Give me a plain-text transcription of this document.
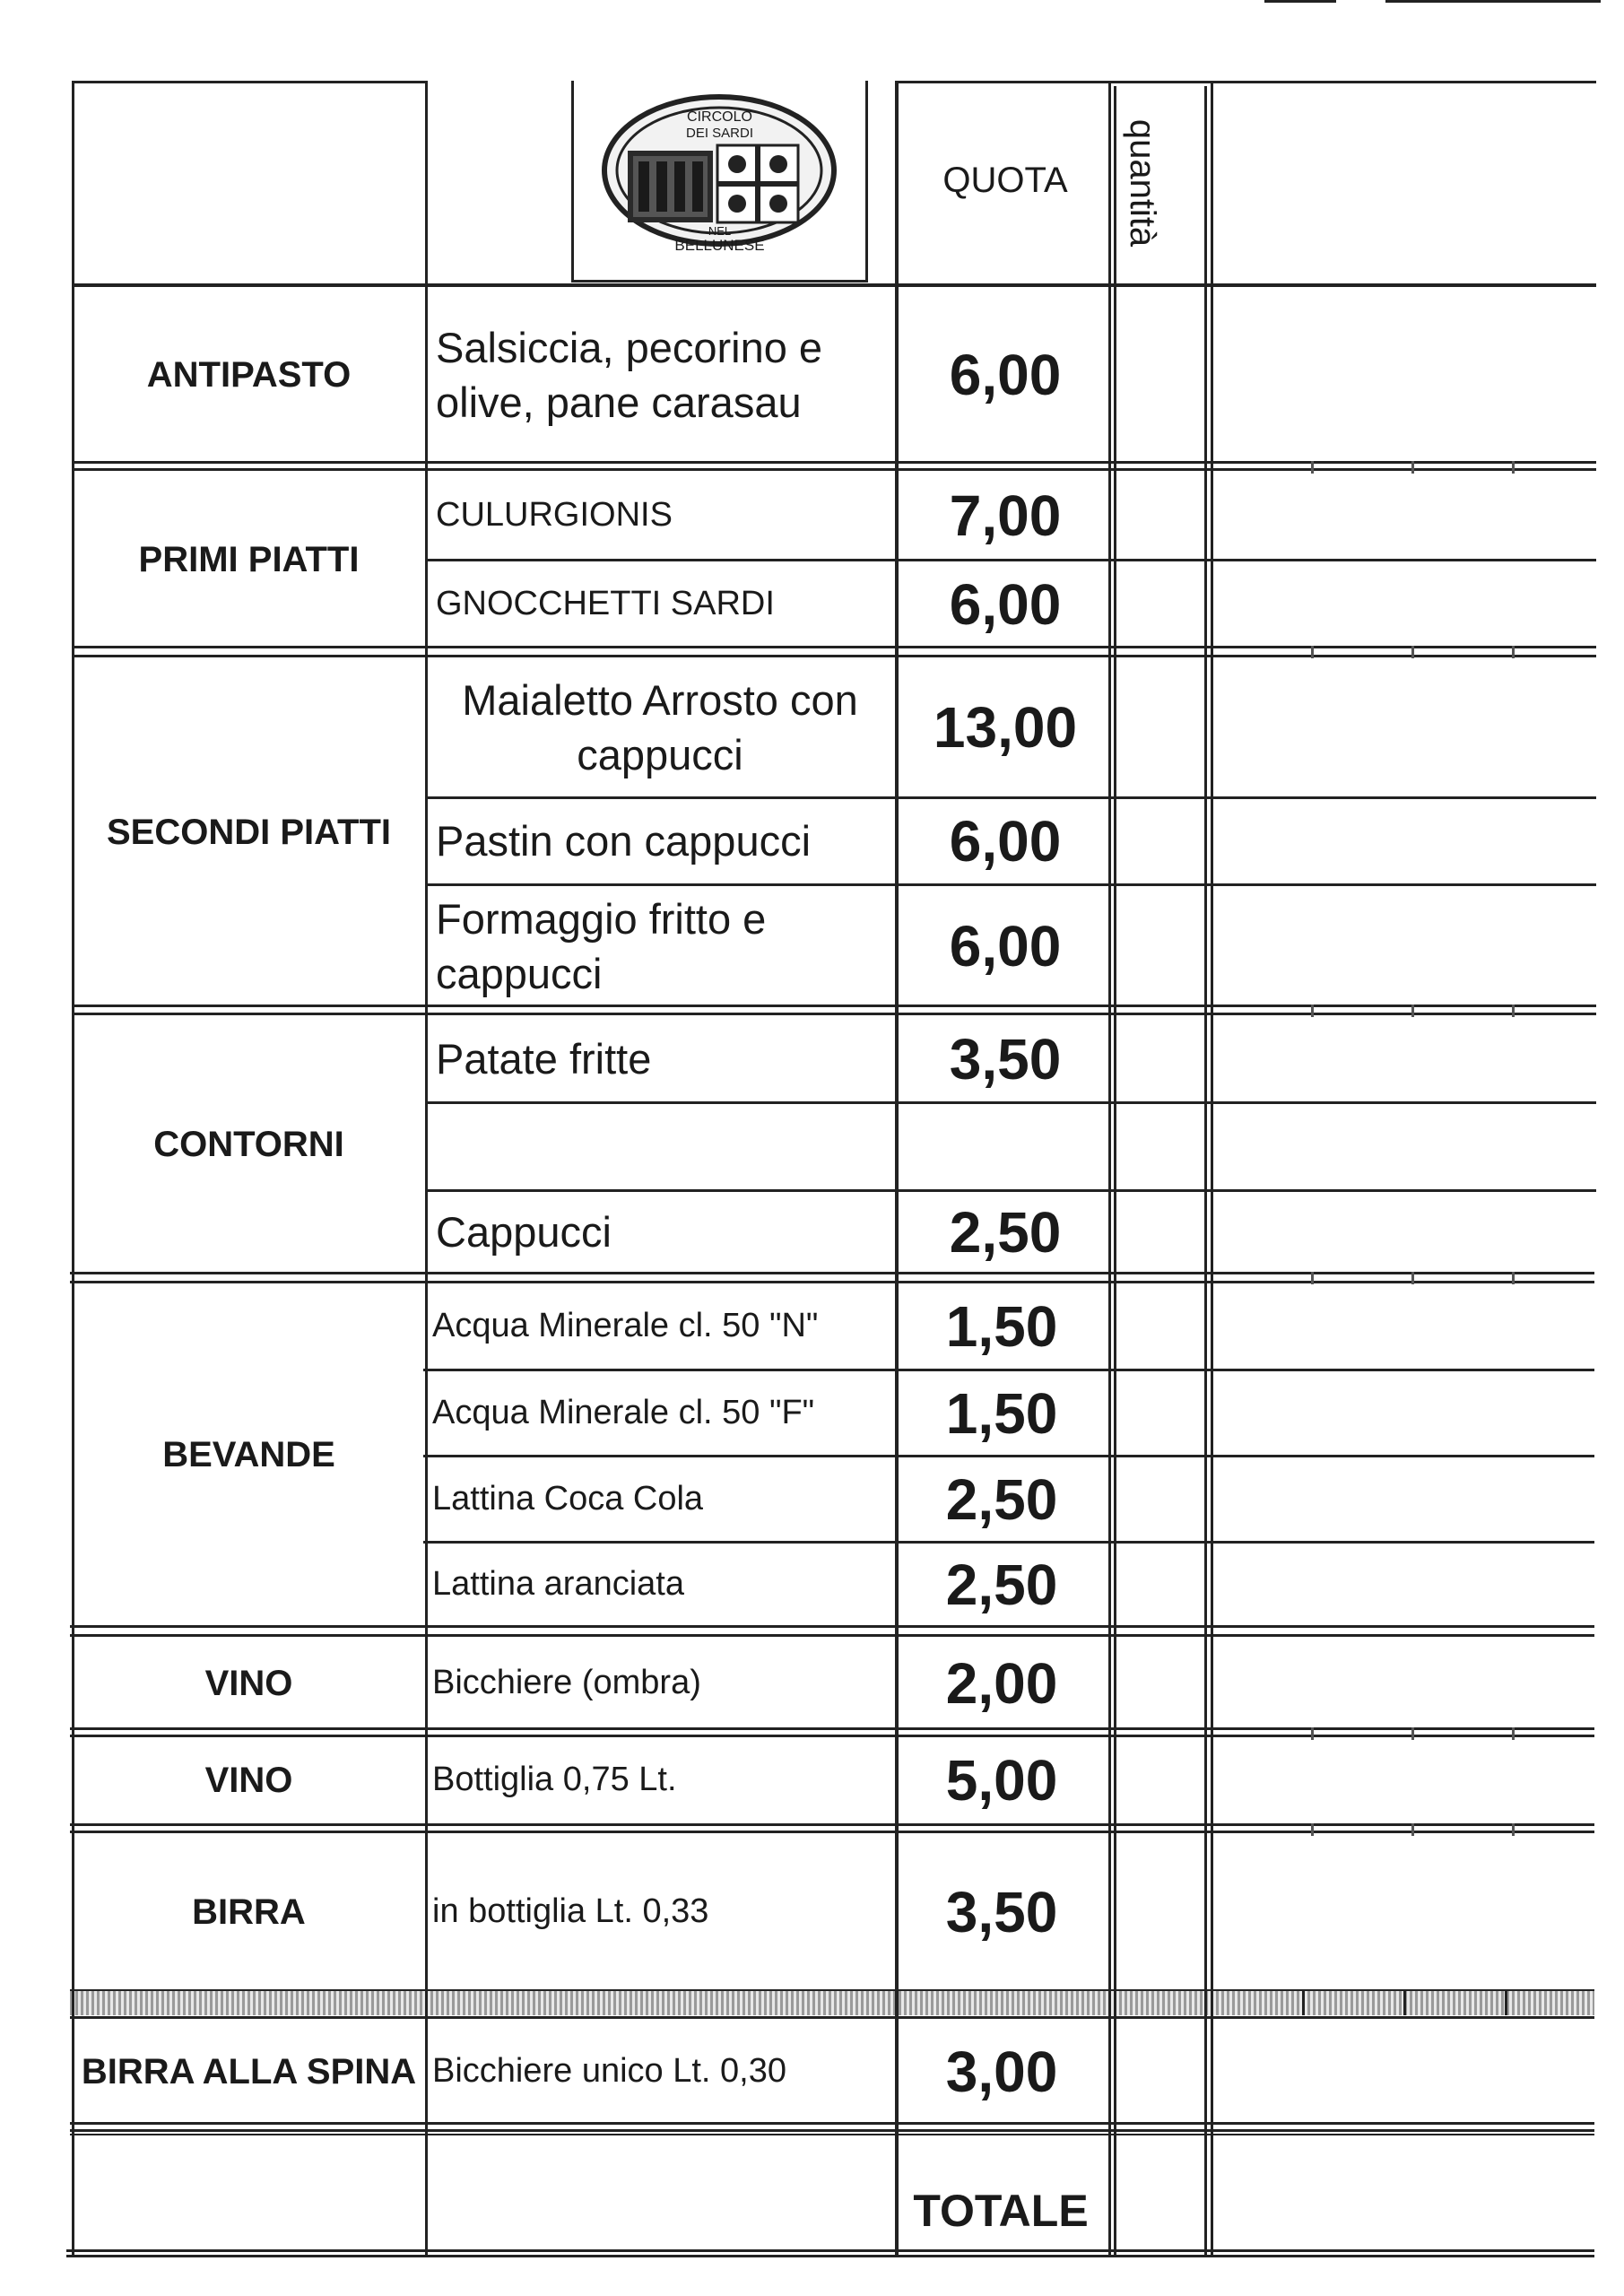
CIRCOLO
DEI SARDI
NEL
BELLUNESE
QUOTA	quantità
ANTIPASTO
PRIMI PIATTI
SECONDI PIATTI
CONTORNI
BEVANDE
VINO
VINO
BIRRA
BIRRA ALLA SPINA
Salsiccia, pecorino e olive, pane carasau
CULURGIONIS
GNOCCHETTI SARDI
Maialetto Arrosto con cappucci
Pastin con cappucci
Formaggio fritto e cappucci
Patate fritte
Cappucci
Acqua Minerale cl. 50 "N"
Acqua Minerale cl. 50 "F"
Lattina Coca Cola
Lattina aranciata
Bicchiere (ombra)
Bottiglia 0,75 Lt.
in bottiglia Lt. 0,33
Bicchiere unico Lt. 0,30
6,00
7,00
6,00
13,00
6,00
6,00
3,50
2,50
1,50
1,50
2,50
2,50
2,00
5,00
3,50
3,00
TOTALE
